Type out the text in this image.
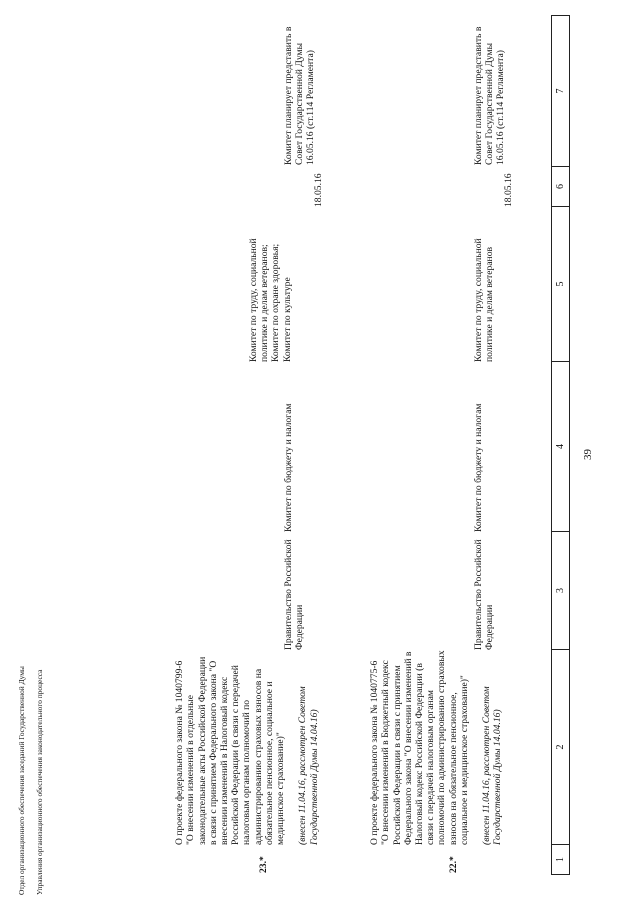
39
1
2
3
4
5
6
7
22.*

О проекте федерального закона № 1040775-6
"О внесении изменений в Бюджетный кодекс Российской Федерации в связи с принятием Федерального закона "О внесении изменений в Налоговый кодекс Российской Федерации (в связи с передачей налоговым органам полномочий по администрированию страховых взносов на обязательное пенсионное, социальное и медицинское страхование)" (внесен 11.04.16, рассмотрен Советом Государственной Думы 14.04.16)

Правительство Российской Федерации
Комитет по бюджету и налогам
Комитет по труду, социальной политике и делам ветеранов
18.05.16
Комитет планирует представить в Совет Государственной Думы 16.05.16 (ст.114 Регламента)
23.*

О проекте федерального закона № 1040799-6
"О внесении изменений в отдельные законодательные акты Российской Федерации в связи с принятием Федерального закона "О внесении изменений в Налоговый кодекс Российской Федерации (в связи с передачей налоговым органам полномочий по администрированию страховых взносов на обязательное пенсионное, социальное и медицинское страхование)" (внесен 11.04.16, рассмотрен Советом Государственной Думы 14.04.16)

Правительство Российской Федерации
Комитет по бюджету и налогам
Комитет по труду, социальной политике и делам ветеранов;
Комитет по охране здоровья;
Комитет по культуре
18.05.16
Комитет планирует представить в Совет Государственной Думы 16.05.16 (ст.114 Регламента)

Отдел организационного обеспечения заседаний Государственной Думы Управления организационного обеспечения законодательного процесса
